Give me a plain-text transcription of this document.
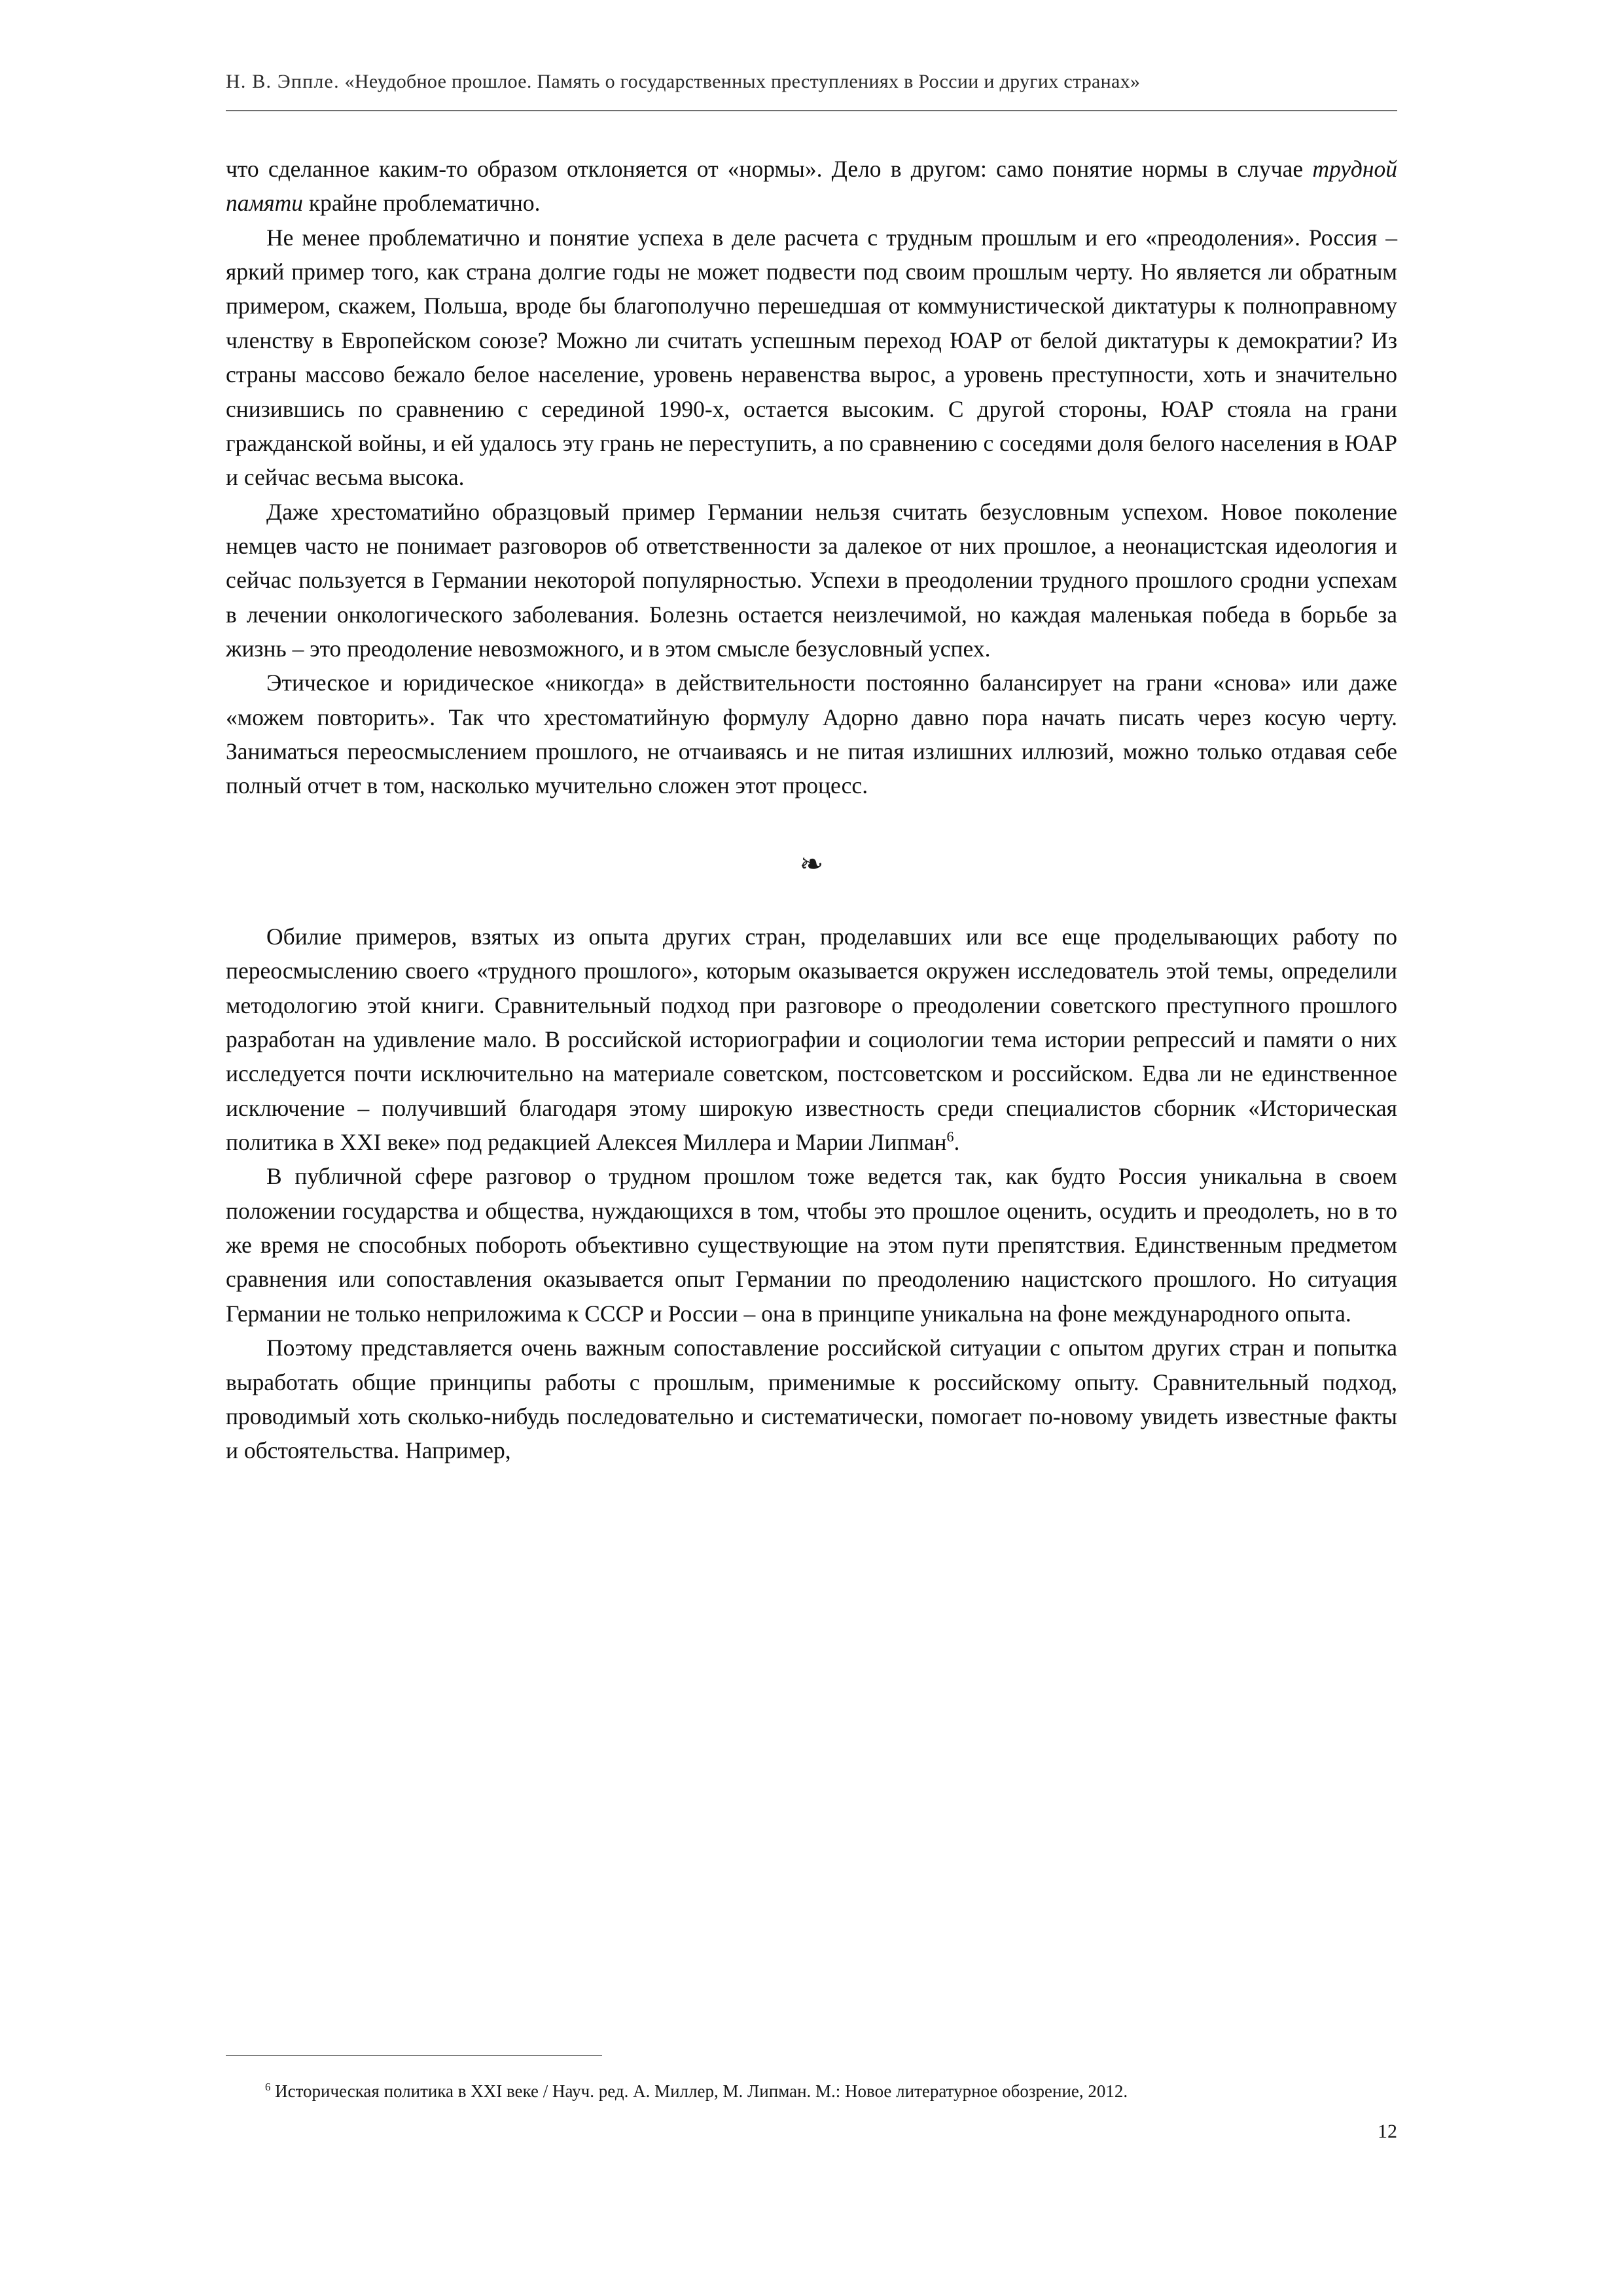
Н. В. Эппле. «Неудобное прошлое. Память о государственных преступлениях в России и других странах»

что сделанное каким-то образом отклоняется от «нормы». Дело в другом: само понятие нормы в случае трудной памяти крайне проблематично.

Не менее проблематично и понятие успеха в деле расчета с трудным прошлым и его «преодоления». Россия – яркий пример того, как страна долгие годы не может подвести под своим прошлым черту. Но является ли обратным примером, скажем, Польша, вроде бы благополучно перешедшая от коммунистической диктатуры к полноправному членству в Европейском союзе? Можно ли считать успешным переход ЮАР от белой диктатуры к демократии? Из страны массово бежало белое население, уровень неравенства вырос, а уровень преступности, хоть и значительно снизившись по сравнению с серединой 1990-х, остается высоким. С другой стороны, ЮАР стояла на грани гражданской войны, и ей удалось эту грань не переступить, а по сравнению с соседями доля белого населения в ЮАР и сейчас весьма высока.

Даже хрестоматийно образцовый пример Германии нельзя считать безусловным успехом. Новое поколение немцев часто не понимает разговоров об ответственности за далекое от них прошлое, а неонацистская идеология и сейчас пользуется в Германии некоторой популярностью. Успехи в преодолении трудного прошлого сродни успехам в лечении онкологического заболевания. Болезнь остается неизлечимой, но каждая маленькая победа в борьбе за жизнь – это преодоление невозможного, и в этом смысле безусловный успех.

Этическое и юридическое «никогда» в действительности постоянно балансирует на грани «снова» или даже «можем повторить». Так что хрестоматийную формулу Адорно давно пора начать писать через косую черту. Заниматься переосмыслением прошлого, не отчаиваясь и не питая излишних иллюзий, можно только отдавая себе полный отчет в том, насколько мучительно сложен этот процесс.

❧

Обилие примеров, взятых из опыта других стран, проделавших или все еще проделывающих работу по переосмыслению своего «трудного прошлого», которым оказывается окружен исследователь этой темы, определили методологию этой книги. Сравнительный подход при разговоре о преодолении советского преступного прошлого разработан на удивление мало. В российской историографии и социологии тема истории репрессий и памяти о них исследуется почти исключительно на материале советском, постсоветском и российском. Едва ли не единственное исключение – получивший благодаря этому широкую известность среди специалистов сборник «Историческая политика в XXI веке» под редакцией Алексея Миллера и Марии Липман$^6$.

В публичной сфере разговор о трудном прошлом тоже ведется так, как будто Россия уникальна в своем положении государства и общества, нуждающихся в том, чтобы это прошлое оценить, осудить и преодолеть, но в то же время не способных побороть объективно существующие на этом пути препятствия. Единственным предметом сравнения или сопоставления оказывается опыт Германии по преодолению нацистского прошлого. Но ситуация Германии не только неприложима к СССР и России – она в принципе уникальна на фоне международного опыта.

Поэтому представляется очень важным сопоставление российской ситуации с опытом других стран и попытка выработать общие принципы работы с прошлым, применимые к российскому опыту. Сравнительный подход, проводимый хоть сколько-нибудь последовательно и систематически, помогает по-новому увидеть известные факты и обстоятельства. Например,

$^6$ Историческая политика в XXI веке / Науч. ред. А. Миллер, М. Липман. М.: Новое литературное обозрение, 2012.
12
